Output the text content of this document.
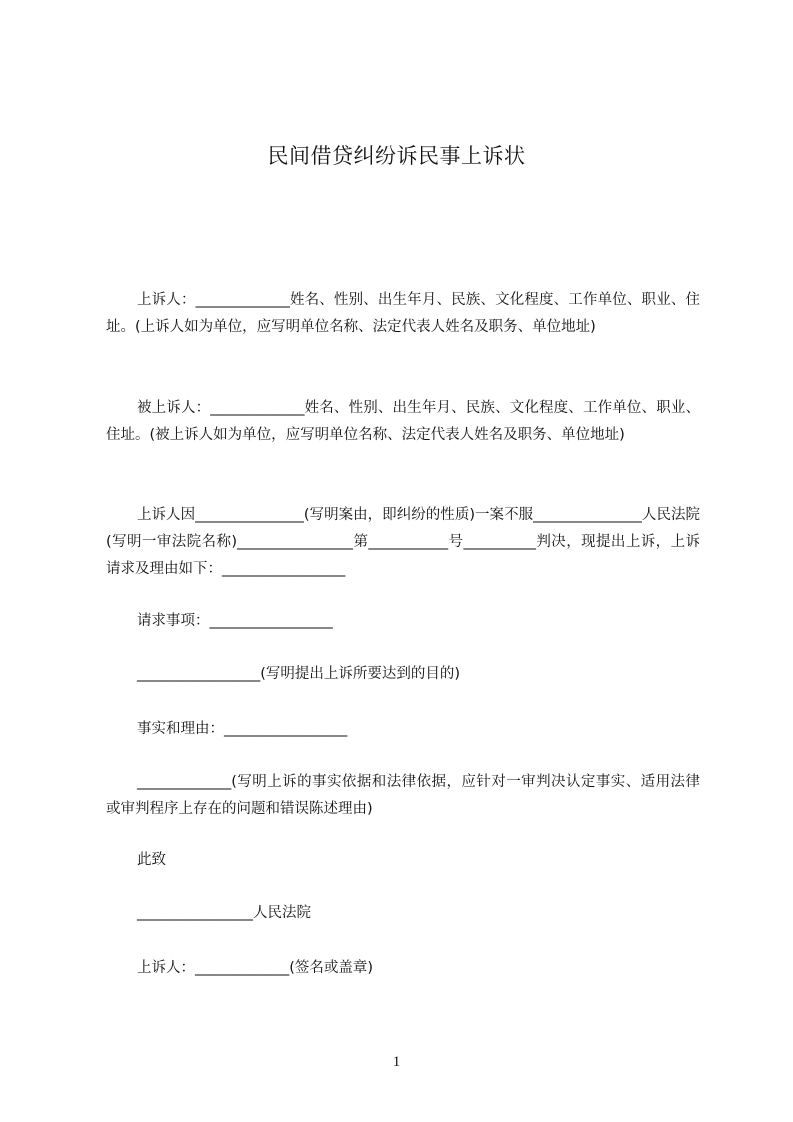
民间借贷纠纷诉民事上诉状
上诉人：_____________姓名、性别、出生年月、民族、文化程度、工作单位、职业、住址。(上诉人如为单位，应写明单位名称、法定代表人姓名及职务、单位地址)
被上诉人：_____________姓名、性别、出生年月、民族、文化程度、工作单位、职业、住址。(被上诉人如为单位，应写明单位名称、法定代表人姓名及职务、单位地址)
上诉人因_______________(写明案由，即纠纷的性质)一案不服_______________人民法院(写明一审法院名称)________________第___________号__________判决，现提出上诉，上诉请求及理由如下：_________________
请求事项：_________________
_________________(写明提出上诉所要达到的目的)
事实和理由：_________________
_____________(写明上诉的事实依据和法律依据，应针对一审判决认定事实、适用法律或审判程序上存在的问题和错误陈述理由)
此致
________________人民法院
上诉人：_____________(签名或盖章)
1
